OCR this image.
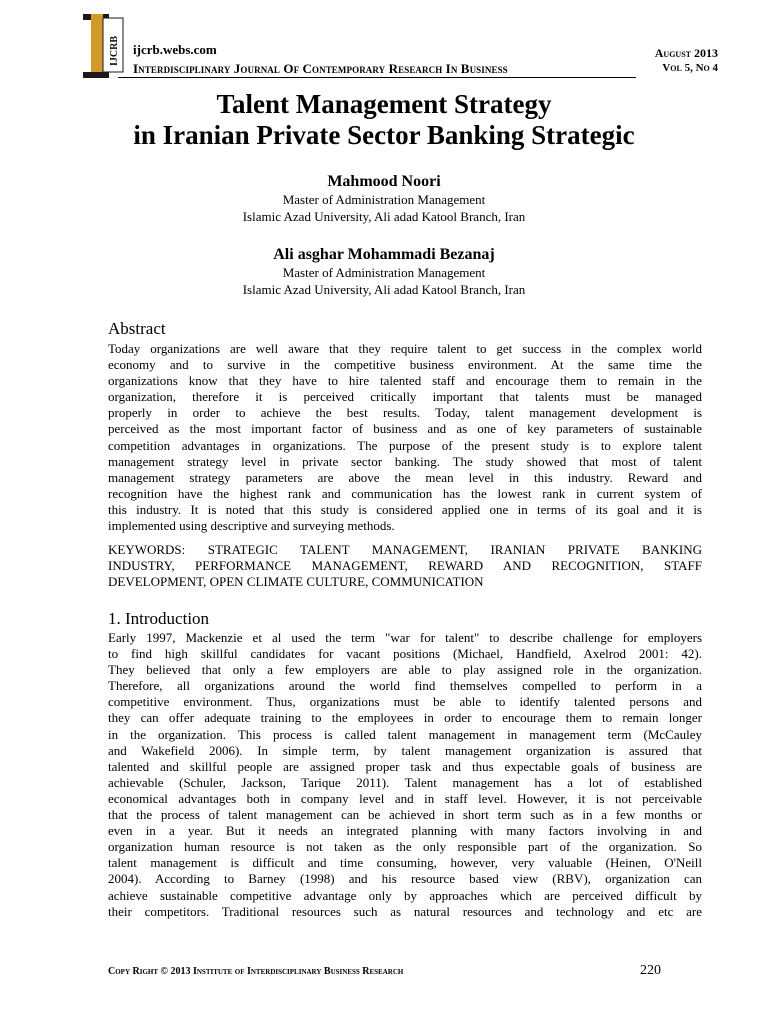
IJCRB ijcrb.webs.com
Interdisciplinary Journal Of Contemporary Research In Business
August 2013
Vol 5, No 4
Talent Management Strategy
in Iranian Private Sector Banking Strategic
Mahmood Noori
Master of Administration Management
Islamic Azad University, Ali adad Katool Branch, Iran
Ali asghar Mohammadi Bezanaj
Master of Administration Management
Islamic Azad University, Ali adad Katool Branch, Iran
Abstract
Today organizations are well aware that they require talent to get success in the complex world
economy and to survive in the competitive business environment. At the same time the
organizations know that they have to hire talented staff and encourage them to remain in the
organization, therefore it is perceived critically important that talents must be managed
properly in order to achieve the best results. Today, talent management development is
perceived as the most important factor of business and as one of key parameters of sustainable
competition advantages in organizations. The purpose of the present study is to explore talent
management strategy level in private sector banking. The study showed that most of talent
management strategy parameters are above the mean level in this industry. Reward and
recognition have the highest rank and communication has the lowest rank in current system of
this industry. It is noted that this study is considered applied one in terms of its goal and it is
implemented using descriptive and surveying methods.
KEYWORDS: STRATEGIC TALENT MANAGEMENT, IRANIAN PRIVATE BANKING
INDUSTRY, PERFORMANCE MANAGEMENT, REWARD AND RECOGNITION, STAFF
DEVELOPMENT, OPEN CLIMATE CULTURE, COMMUNICATION
1. Introduction
Early 1997, Mackenzie et al used the term "war for talent" to describe challenge for employers
to find high skillful candidates for vacant positions (Michael, Handfield, Axelrod 2001: 42).
They believed that only a few employers are able to play assigned role in the organization.
Therefore, all organizations around the world find themselves compelled to perform in a
competitive environment. Thus, organizations must be able to identify talented persons and
they can offer adequate training to the employees in order to encourage them to remain longer
in the organization. This process is called talent management in management term (McCauley
and Wakefield 2006). In simple term, by talent management organization is assured that
talented and skillful people are assigned proper task and thus expectable goals of business are
achievable (Schuler, Jackson, Tarique 2011). Talent management has a lot of established
economical advantages both in company level and in staff level. However, it is not perceivable
that the process of talent management can be achieved in short term such as in a few months or
even in a year. But it needs an integrated planning with many factors involving in and
organization human resource is not taken as the only responsible part of the organization. So
talent management is difficult and time consuming, however, very valuable (Heinen, O'Neill
2004). According to Barney (1998) and his resource based view (RBV), organization can
achieve sustainable competitive advantage only by approaches which are perceived difficult by
their competitors. Traditional resources such as natural resources and technology and etc are
Copy Right © 2013 Institute of Interdisciplinary Business Research	220
